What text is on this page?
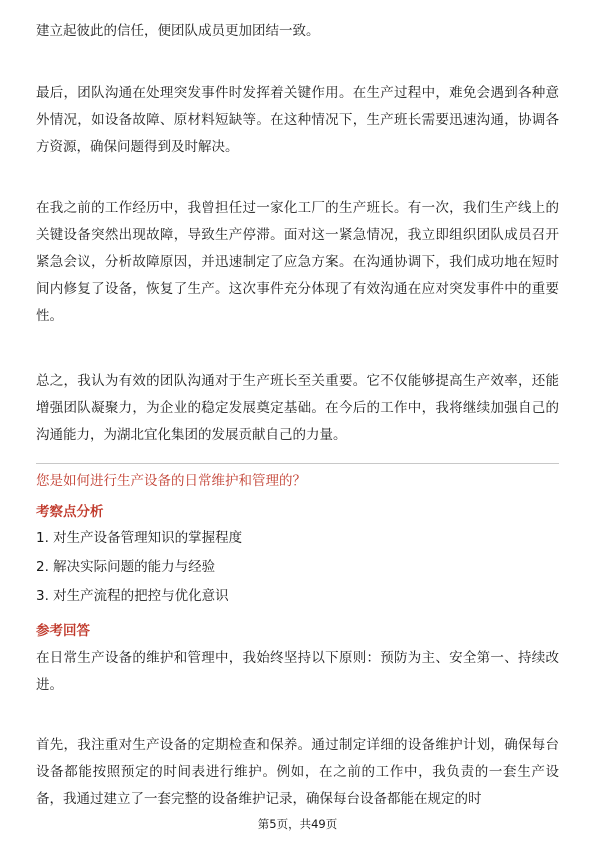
建立起彼此的信任，便团队成员更加团结一致。

最后，团队沟通在处理突发事件时发挥着关键作用。在生产过程中，难免会遇到各种意外情况，如设备故障、原材料短缺等。在这种情况下，生产班长需要迅速沟通，协调各方资源，确保问题得到及时解决。

在我之前的工作经历中，我曾担任过一家化工厂的生产班长。有一次，我们生产线上的关键设备突然出现故障，导致生产停滞。面对这一紧急情况，我立即组织团队成员召开紧急会议，分析故障原因，并迅速制定了应急方案。在沟通协调下，我们成功地在短时间内修复了设备，恢复了生产。这次事件充分体现了有效沟通在应对突发事件中的重要性。

总之，我认为有效的团队沟通对于生产班长至关重要。它不仅能够提高生产效率，还能增强团队凝聚力，为企业的稳定发展奠定基础。在今后的工作中，我将继续加强自己的沟通能力，为湖北宜化集团的发展贡献自己的力量。

您是如何进行生产设备的日常维护和管理的？

考察点分析

1. 对生产设备管理知识的掌握程度

2. 解决实际问题的能力与经验

3. 对生产流程的把控与优化意识

参考回答

在日常生产设备的维护和管理中，我始终坚持以下原则：预防为主、安全第一、持续改进。

首先，我注重对生产设备的定期检查和保养。通过制定详细的设备维护计划，确保每台设备都能按照预定的时间表进行维护。例如，在之前的工作中，我负责的一套生产设备，我通过建立了一套完整的设备维护记录，确保每台设备都能在规定的时

第5页，共49页
